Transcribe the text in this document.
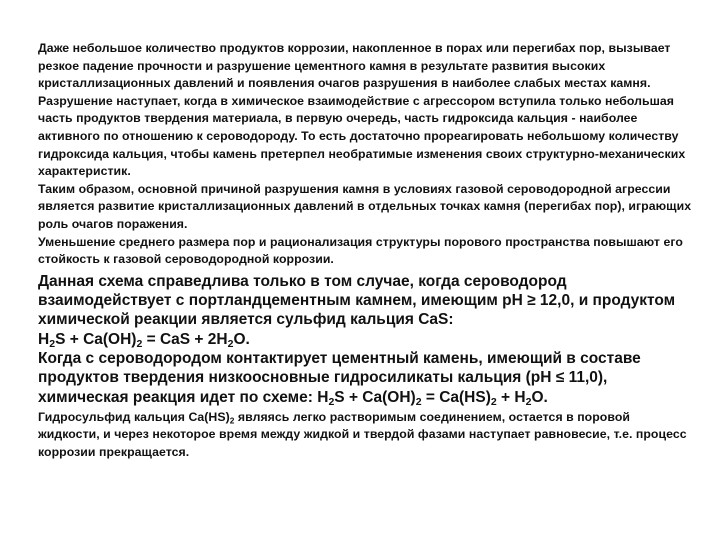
Даже небольшое количество продуктов коррозии, накопленное в порах или перегибах пор, вызывает резкое падение прочности и разрушение цементного камня в результате развития высоких кристаллизационных давлений и появления очагов разрушения в наиболее слабых местах камня.

Разрушение наступает, когда в химическое взаимодействие с агрессором вступила только небольшая часть продуктов твердения материала, в первую очередь, часть гидроксида кальция - наиболее активного по отношению к сероводороду. То есть достаточно прореагировать небольшому количеству гидроксида кальция, чтобы камень претерпел необратимые изменения своих структурно-механических характеристик.

Таким образом, основной причиной разрушения камня в условиях газовой сероводородной агрессии является развитие кристаллизационных давлений в отдельных точках камня (перегибах пор), играющих роль очагов поражения.

Уменьшение среднего размера пор и рационализация структуры порового пространства повышают его стойкость к газовой сероводородной коррозии.

Данная схема справедлива только в том случае, когда сероводород взаимодействует с портландцементным камнем, имеющим рН ≥ 12,0, и продуктом химической реакции является сульфид кальция CaS:

$H_2S + Ca(OH)_2$ = CaS + $2H_2O$.

Когда с сероводородом контактирует цементный камень, имеющий в составе продуктов твердения низкоосновные гидросиликаты кальция (рН ≤ 11,0), химическая реакция идет по схеме: $H_2S + Ca(OH)_2 = Ca(HS)_2 + H_2O$.

Гидросульфид кальция $Ca(HS)_2$ являясь легко растворимым соединением, остается в поровой жидкости, и через некоторое время между жидкой и твердой фазами наступает равновесие, т.е. процесс коррозии прекращается.
